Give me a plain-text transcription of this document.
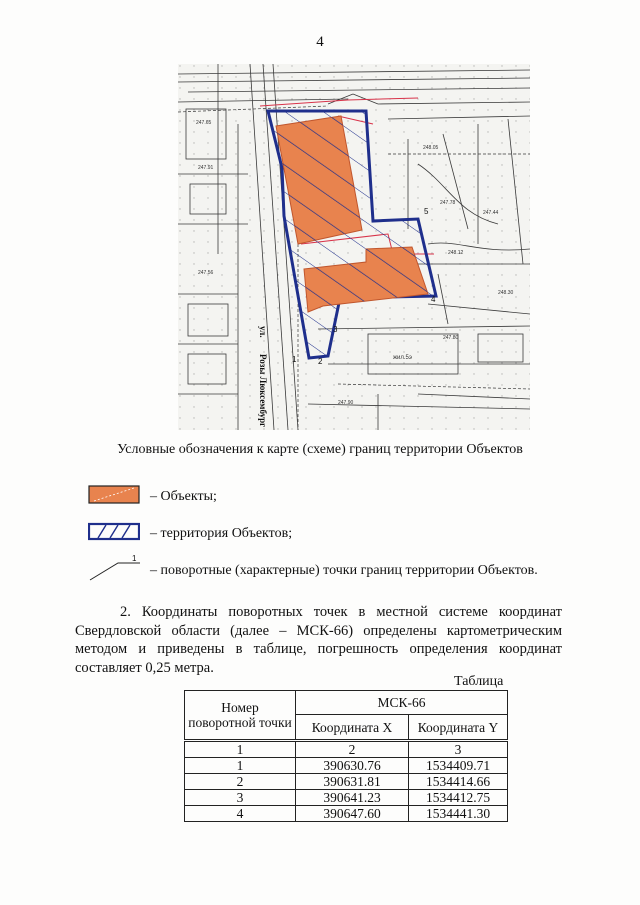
4
1	2
3
4
5
247.65
247.91
248.05
247.78
247.44
248.12
247.56
247.80
248.30
247.90
жил.5э
ул.
Розы Люксембург
Условные обозначения к карте (схеме) границ территории Объектов
– Объекты;
– территория Объектов;
1
– поворотные (характерные) точки границ территории Объектов.
2. Координаты поворотных точек в местной системе координат Свердловской области (далее – МСК-66) определены картометрическим методом и приведены в таблице, погрешность определения координат составляет 0,25 метра.
Таблица
Номер поворотной точки	МСК-66	
	Координата X	Координата Y
1	2	3
1	390630.76	1534409.71
2	390631.81	1534414.66
3	390641.23	1534412.75
4	390647.60	1534441.30
